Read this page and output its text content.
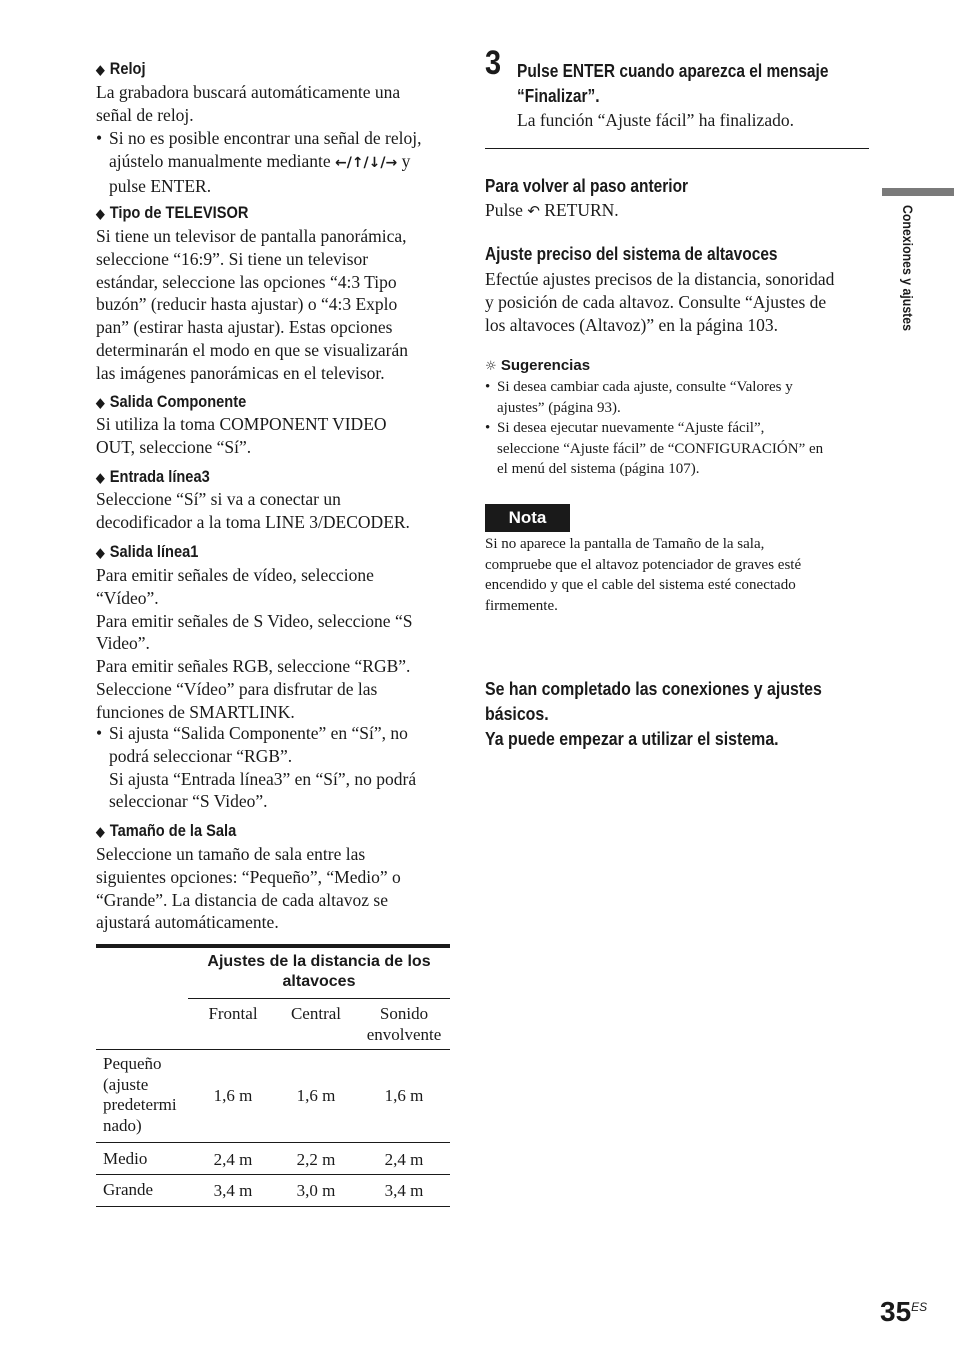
◆ Reloj
La grabadora buscará automáticamente una
señal de reloj.
• Si no es posible encontrar una señal de reloj,
ajústelo manualmente mediante ←/↑/↓/→ y
pulse ENTER.
◆ Tipo de TELEVISOR
Si tiene un televisor de pantalla panorámica,
seleccione “16:9”. Si tiene un televisor
estándar, seleccione las opciones “4:3 Tipo
buzón” (reducir hasta ajustar) o “4:3 Explo
pan” (estirar hasta ajustar). Estas opciones
determinarán el modo en que se visualizarán
las imágenes panorámicas en el televisor.
◆ Salida Componente
Si utiliza la toma COMPONENT VIDEO
OUT, seleccione “Sí”.
◆ Entrada línea3
Seleccione “Sí” si va a conectar un
decodificador a la toma LINE 3/DECODER.
◆ Salida línea1
Para emitir señales de vídeo, seleccione
“Vídeo”.
Para emitir señales de S Video, seleccione “S
Video”.
Para emitir señales RGB, seleccione “RGB”.
Seleccione “Vídeo” para disfrutar de las
funciones de SMARTLINK.
• Si ajusta “Salida Componente” en “Sí”, no
podrá seleccionar “RGB”.
Si ajusta “Entrada línea3” en “Sí”, no podrá
seleccionar “S Video”.
◆ Tamaño de la Sala
Seleccione un tamaño de sala entre las
siguientes opciones: “Pequeño”, “Medio” o
“Grande”. La distancia de cada altavoz se
ajustará automáticamente.
Ajustes de la distancia de los
altavoces
Frontal	Central	Sonido
envolvente
Pequeño
(ajuste
predetermi
nado)
1,6 m	1,6 m	1,6 m
Medio	2,4 m	2,2 m	2,4 m
Grande	3,4 m	3,0 m	3,4 m
3 Pulse ENTER cuando aparezca el mensaje
“Finalizar”.
La función “Ajuste fácil” ha finalizado.
Para volver al paso anterior
Pulse ↶ RETURN.
Ajuste preciso del sistema de altavoces
Efectúe ajustes precisos de la distancia, sonoridad
y posición de cada altavoz. Consulte “Ajustes de
los altavoces (Altavoz)” en la página 103.
☼ Sugerencias
• Si desea cambiar cada ajuste, consulte “Valores y
ajustes” (página 93).
• Si desea ejecutar nuevamente “Ajuste fácil”,
seleccione “Ajuste fácil” de “CONFIGURACIÓN” en
el menú del sistema (página 107).
Nota
Si no aparece la pantalla de Tamaño de la sala,
compruebe que el altavoz potenciador de graves esté
encendido y que el cable del sistema esté conectado
firmemente.
Se han completado las conexiones y ajustes
básicos.
Ya puede empezar a utilizar el sistema.
Conexiones y ajustes
$35^{ES}$
